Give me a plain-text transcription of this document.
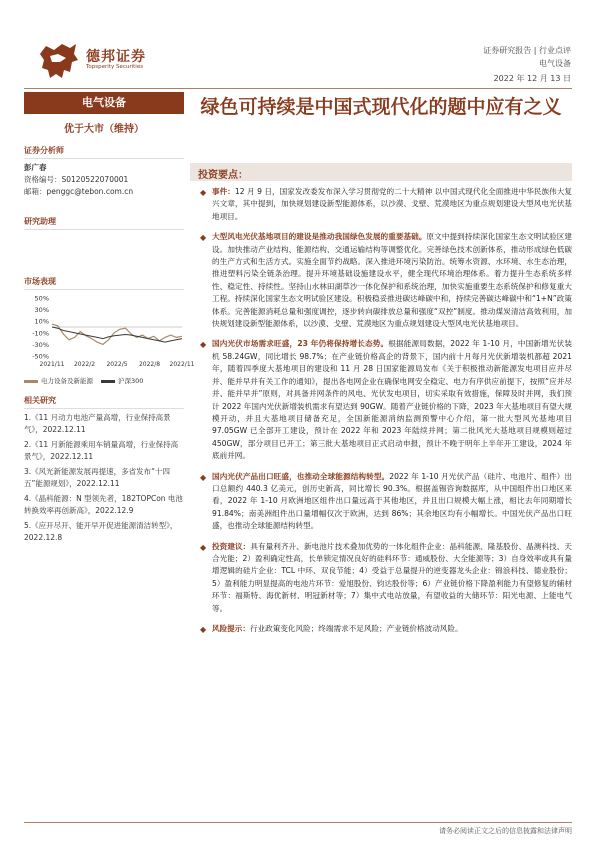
德邦证券
Topsperity Securities
证券研究报告 | 行业点评
电气设备
2022 年 12 月 13 日
电气设备
优于大市（维持）
证券分析师
彭广春
资格编号：S0120522070001
邮箱：penggc@tebon.com.cn
研究助理
市场表现
50%
30%
10%
-10%
-30%
-50%
2021/11 2022/2 2022/5 2022/8 2022/11
电力设备及新能源	沪深300
相关研究
1.《11 月动力电池产量高增，行业保持高景气》，2022.12.11
2.《11 月新能源乘用车销量高增，行业保持高景气》，2022.12.11
3.《风光新能源发展再提速，多省发布“十四五”能源规划》，2022.12.11
4.《晶科能源：N 型领先者，182TOPCon 电池转换效率再创新高》，2022.12.9
5.《应开尽开、能开早开促进能源清洁转型》，2022.12.8
绿色可持续是中国式现代化的题中应有之义
投资要点：
◆ 事件：12 月 9 日，国家发改委发布深入学习贯彻党的二十大精神 以中国式现代化全面推进中华民族伟大复兴文章，其中提到，加快规划建设新型能源体系，以沙漠、戈壁、荒漠地区为重点规划建设大型风电光伏基地项目。
◆ 大型风电光伏基地项目的建设是推动我国绿色发展的重要基础。原文中提到持续深化国家生态文明试验区建设。加快推动产业结构、能源结构、交通运输结构等调整优化。完善绿色技术创新体系，推动形成绿色低碳的生产方式和生活方式。实施全面节约战略。深入推进环境污染防治。统筹水资源、水环境、水生态治理，推进塑料污染全链条治理。提升环境基础设施建设水平，健全现代环境治理体系。着力提升生态系统多样性、稳定性、持续性。坚持山水林田湖草沙一体化保护和系统治理，加快实施重要生态系统保护和修复重大工程。持续深化国家生态文明试验区建设。积极稳妥推进碳达峰碳中和，持续完善碳达峰碳中和“1+N”政策体系。完善能源消耗总量和强度调控，逐步转向碳排放总量和强度“双控”制度。推动煤炭清洁高效利用，加快规划建设新型能源体系，以沙漠、戈壁、荒漠地区为重点规划建设大型风电光伏基地项目。
◆ 国内光伏市场需求旺盛，23 年仍将保持增长态势。根据能源局数据，2022 年 1-10 月，中国新增光伏装机 58.24GW，同比增长 98.7%；在产业链价格高企的背景下，国内前十月每月光伏新增装机都超 2021 年，随着四季度大基地项目的建设和 11 月 28 日国家能源局发布《关于积极推动新能源发电项目应并尽并、能并早并有关工作的通知》，提出各电网企业在确保电网安全稳定、电力有序供应前提下，按照“应并尽并、能并早并”原则，对具备并网条件的风电、光伏发电项目，切实采取有效措施，保障及时并网，我们预计 2022 年国内光伏新增装机需求有望达到 90GW。随着产业链价格的下降，2023 年大基地项目有望大规模开动，并且大基地项目储备充足，全国新能源消纳监测预警中心介绍，第一批大型风光基地项目 97.05GW 已全部开工建设，预计在 2022 年和 2023 年陆续并网；第二批风光大基地项目规模则超过 450GW，部分项目已开工；第三批大基地项目正式启动申报，预计不晚于明年上半年开工建设，2024 年底前并网。
◆ 国内光伏产品出口旺盛，也推动全球能源结构转型。2022 年 1-10 月光伏产品（硅片、电池片、组件）出口总额约 440.3 亿美元，创历史新高，同比增长 90.3%。根据盖锡咨询数据库，从中国组件出口地区来看，2022 年 1-10 月欧洲地区组件出口量远高于其他地区，并且出口规模大幅上涨，相比去年同期增长 91.84%；南美洲组件出口量增幅仅次于欧洲，达到 86%；其余地区均有小幅增长。中国光伏产品出口旺盛，也推动全球能源结构转型。
◆ 投资建议：具有量利齐升、新电池片技术叠加优势的一体化组件企业：晶科能源、隆基股份、晶澳科技、天合光能；2）盈利确定性高，长单锁定情况良好的硅料环节：通威股份、大全能源等；3）自身效率或具有量增逻辑的硅片企业：TCL 中环、双良节能；4）受益于总量提升的逆变器龙头企业：锦浪科技、德业股份；5）盈利能力明显提高的电池片环节：爱旭股份、钧达股份等；6）产业链价格下降盈利能力有望修复的辅材环节：福斯特、海优新材、明冠新材等；7）集中式电站放量，有望收益的大储环节：阳光电源、上能电气等。
◆ 风险提示：行业政策变化风险；终端需求不足风险；产业链价格波动风险。
请务必阅读正文之后的信息披露和法律声明
